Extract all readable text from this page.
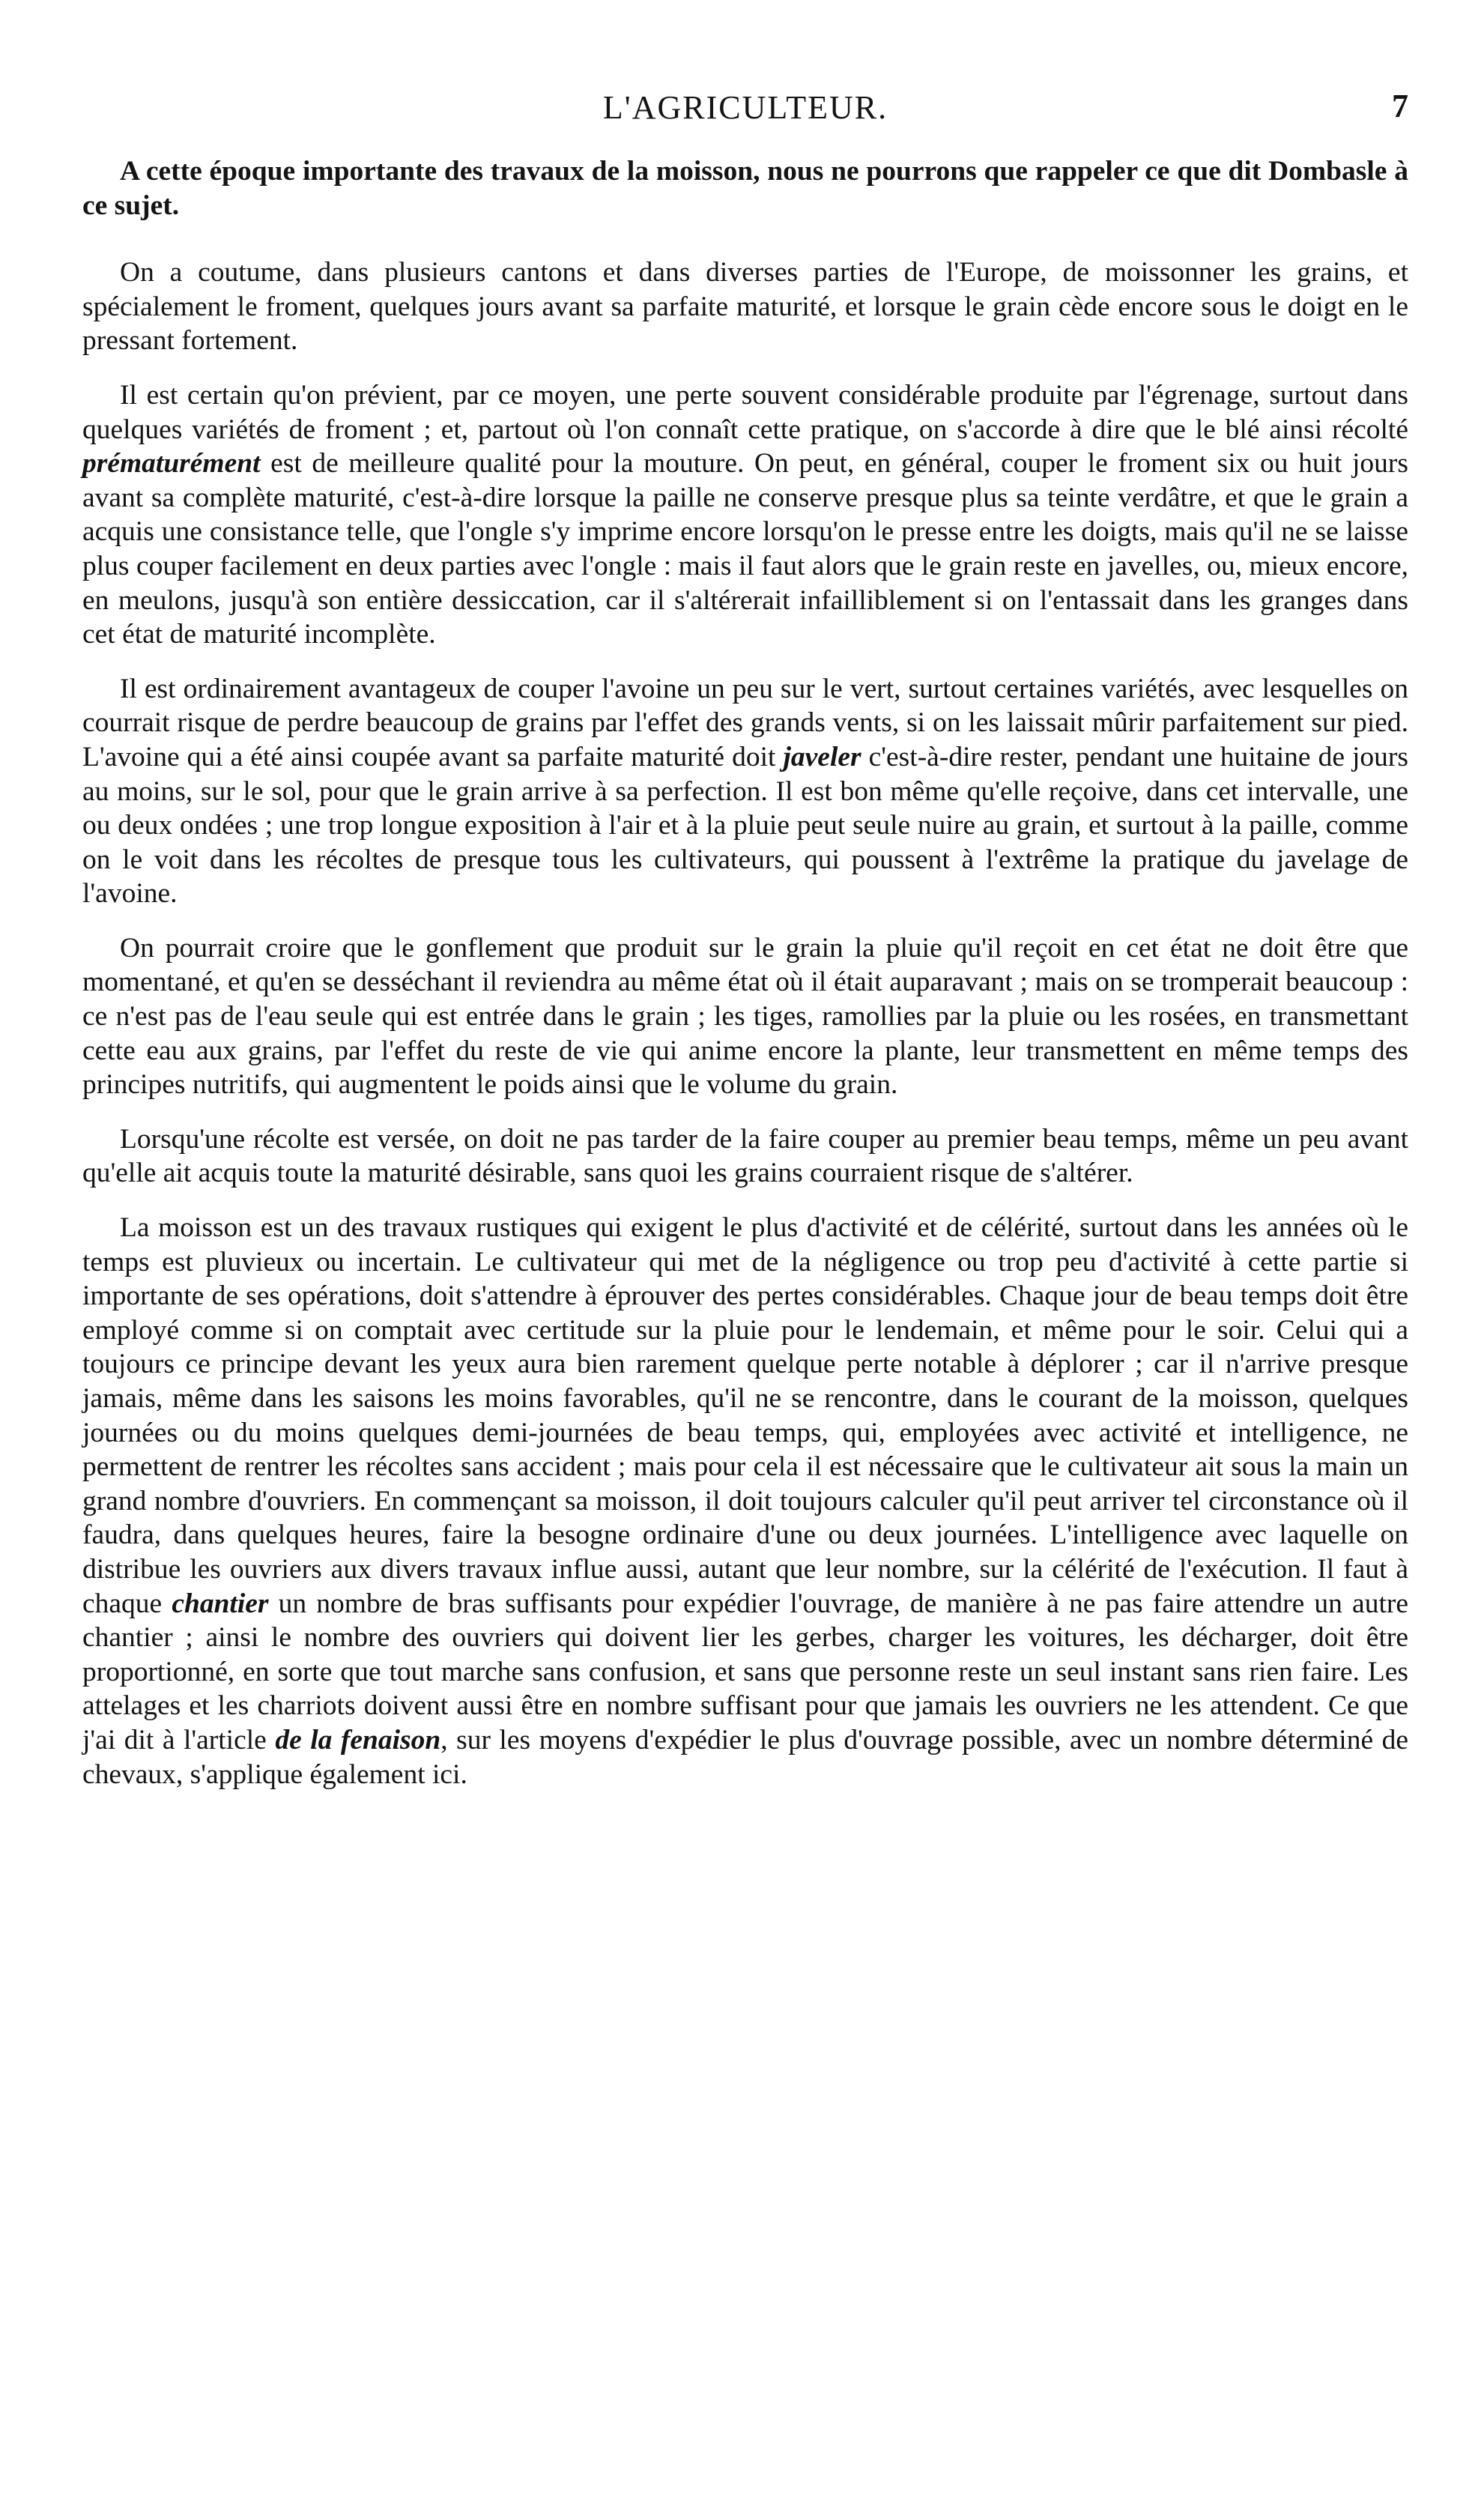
L'AGRICULTEUR.	7

A cette époque importante des travaux de la moisson, nous ne pourrons que rappeler ce que dit Dombasle à ce sujet.

On a coutume, dans plusieurs cantons et dans diverses parties de l'Europe, de moissonner les grains, et spécialement le froment, quelques jours avant sa parfaite maturité, et lorsque le grain cède encore sous le doigt en le pressant fortement.

Il est certain qu'on prévient, par ce moyen, une perte souvent considérable produite par l'égrenage, surtout dans quelques variétés de froment ; et, partout où l'on connaît cette pratique, on s'accorde à dire que le blé ainsi récolté prématurément est de meilleure qualité pour la mouture. On peut, en général, couper le froment six ou huit jours avant sa complète maturité, c'est-à-dire lorsque la paille ne conserve presque plus sa teinte verdâtre, et que le grain a acquis une consistance telle, que l'ongle s'y imprime encore lorsqu'on le presse entre les doigts, mais qu'il ne se laisse plus couper facilement en deux parties avec l'ongle : mais il faut alors que le grain reste en javelles, ou, mieux encore, en meulons, jusqu'à son entière dessiccation, car il s'altérerait infailliblement si on l'entassait dans les granges dans cet état de maturité incomplète.

Il est ordinairement avantageux de couper l'avoine un peu sur le vert, surtout certaines variétés, avec lesquelles on courrait risque de perdre beaucoup de grains par l'effet des grands vents, si on les laissait mûrir parfaitement sur pied. L'avoine qui a été ainsi coupée avant sa parfaite maturité doit javeler c'est-à-dire rester, pendant une huitaine de jours au moins, sur le sol, pour que le grain arrive à sa perfection. Il est bon même qu'elle reçoive, dans cet intervalle, une ou deux ondées ; une trop longue exposition à l'air et à la pluie peut seule nuire au grain, et surtout à la paille, comme on le voit dans les récoltes de presque tous les cultivateurs, qui poussent à l'extrême la pratique du javelage de l'avoine.

On pourrait croire que le gonflement que produit sur le grain la pluie qu'il reçoit en cet état ne doit être que momentané, et qu'en se desséchant il reviendra au même état où il était auparavant ; mais on se tromperait beaucoup : ce n'est pas de l'eau seule qui est entrée dans le grain ; les tiges, ramollies par la pluie ou les rosées, en transmettant cette eau aux grains, par l'effet du reste de vie qui anime encore la plante, leur transmettent en même temps des principes nutritifs, qui augmentent le poids ainsi que le volume du grain.

Lorsqu'une récolte est versée, on doit ne pas tarder de la faire couper au premier beau temps, même un peu avant qu'elle ait acquis toute la maturité désirable, sans quoi les grains courraient risque de s'altérer.

La moisson est un des travaux rustiques qui exigent le plus d'activité et de célérité, surtout dans les années où le temps est pluvieux ou incertain. Le cultivateur qui met de la négligence ou trop peu d'activité à cette partie si importante de ses opérations, doit s'attendre à éprouver des pertes considérables. Chaque jour de beau temps doit être employé comme si on comptait avec certitude sur la pluie pour le lendemain, et même pour le soir. Celui qui a toujours ce principe devant les yeux aura bien rarement quelque perte notable à déplorer ; car il n'arrive presque jamais, même dans les saisons les moins favorables, qu'il ne se rencontre, dans le courant de la moisson, quelques journées ou du moins quelques demi-journées de beau temps, qui, employées avec activité et intelligence, ne permettent de rentrer les récoltes sans accident ; mais pour cela il est nécessaire que le cultivateur ait sous la main un grand nombre d'ouvriers. En commençant sa moisson, il doit toujours calculer qu'il peut arriver tel circonstance où il faudra, dans quelques heures, faire la besogne ordinaire d'une ou deux journées. L'intelligence avec laquelle on distribue les ouvriers aux divers travaux influe aussi, autant que leur nombre, sur la célérité de l'exécution. Il faut à chaque chantier un nombre de bras suffisants pour expédier l'ouvrage, de manière à ne pas faire attendre un autre chantier ; ainsi le nombre des ouvriers qui doivent lier les gerbes, charger les voitures, les décharger, doit être proportionné, en sorte que tout marche sans confusion, et sans que personne reste un seul instant sans rien faire. Les attelages et les charriots doivent aussi être en nombre suffisant pour que jamais les ouvriers ne les attendent. Ce que j'ai dit à l'article de la fenaison, sur les moyens d'expédier le plus d'ouvrage possible, avec un nombre déterminé de chevaux, s'applique également ici.
